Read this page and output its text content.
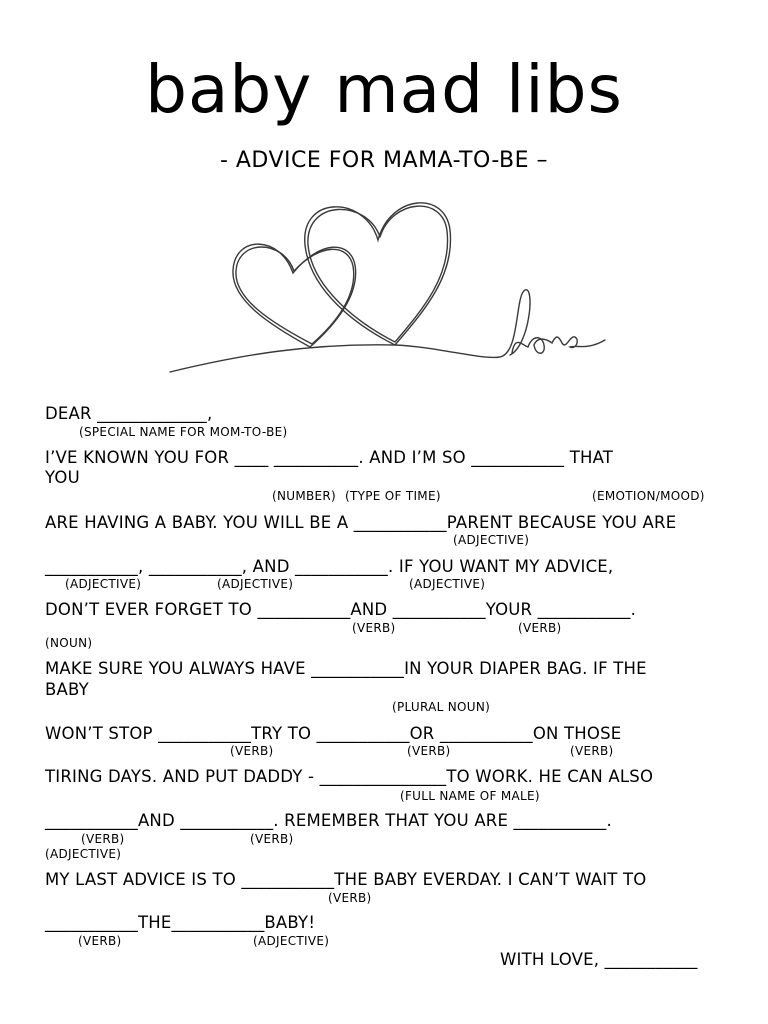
baby mad libs
- ADVICE FOR MAMA-TO-BE –
DEAR _____________,
(SPECIAL NAME FOR MOM-TO-BE)
I’VE KNOWN YOU FOR ____ __________. AND I’M SO ___________ THAT
YOU
(NUMBER) (TYPE OF TIME)	(EMOTION/MOOD)
ARE HAVING A BABY. YOU WILL BE A ___________PARENT BECAUSE YOU ARE
(ADJECTIVE)
___________, ___________, AND ___________. IF YOU WANT MY ADVICE,
(ADJECTIVE)	(ADJECTIVE)	(ADJECTIVE)
DON’T EVER FORGET TO ___________AND ___________YOUR ___________.
(VERB)	(VERB)
(NOUN)
MAKE SURE YOU ALWAYS HAVE ___________IN YOUR DIAPER BAG. IF THE
BABY
(PLURAL NOUN)
WON’T STOP ___________TRY TO ___________OR ___________ON THOSE
(VERB)	(VERB)	(VERB)
TIRING DAYS. AND PUT DADDY - _______________TO WORK. HE CAN ALSO
(FULL NAME OF MALE)
___________AND ___________. REMEMBER THAT YOU ARE ___________.
(VERB)	(VERB)
(ADJECTIVE)
MY LAST ADVICE IS TO ___________THE BABY EVERDAY. I CAN’T WAIT TO
(VERB)
___________THE___________BABY!
(VERB)	(ADJECTIVE)
WITH LOVE, ___________
